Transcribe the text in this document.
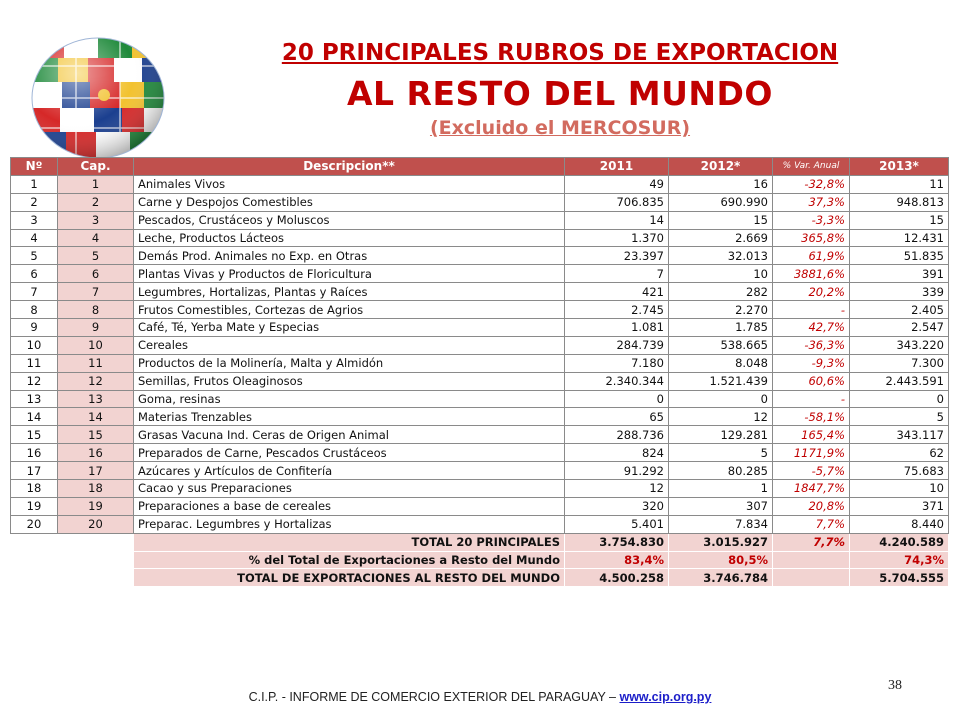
20 PRINCIPALES RUBROS DE EXPORTACION
AL RESTO DEL MUNDO
(Excluido el MERCOSUR)
Nº	Cap.	Descripcion**	2011	2012*	% Var. Anual	2013*
1	1	Animales Vivos	49	16	-32,8%	11
2	2	Carne y Despojos Comestibles	706.835	690.990	37,3%	948.813
3	3	Pescados, Crustáceos y Moluscos	14	15	-3,3%	15
4	4	Leche, Productos Lácteos	1.370	2.669	365,8%	12.431
5	5	Demás Prod. Animales no Exp. en Otras	23.397	32.013	61,9%	51.835
6	6	Plantas Vivas y Productos de Floricultura	7	10	3881,6%	391
7	7	Legumbres, Hortalizas, Plantas y Raíces	421	282	20,2%	339
8	8	Frutos Comestibles, Cortezas de Agrios	2.745	2.270	-	2.405
9	9	Café, Té, Yerba Mate y Especias	1.081	1.785	42,7%	2.547
10	10	Cereales	284.739	538.665	-36,3%	343.220
11	11	Productos de la Molinería, Malta y Almidón	7.180	8.048	-9,3%	7.300
12	12	Semillas, Frutos Oleaginosos	2.340.344	1.521.439	60,6%	2.443.591
13	13	Goma, resinas	0	0	-	0
14	14	Materias Trenzables	65	12	-58,1%	5
15	15	Grasas Vacuna Ind. Ceras de Origen Animal	288.736	129.281	165,4%	343.117
16	16	Preparados de Carne, Pescados Crustáceos	824	5	1171,9%	62
17	17	Azúcares y Artículos de Confitería	91.292	80.285	-5,7%	75.683
18	18	Cacao y sus Preparaciones	12	1	1847,7%	10
19	19	Preparaciones a base de cereales	320	307	20,8%	371
20	20	Preparac. Legumbres y Hortalizas	5.401	7.834	7,7%	8.440
		TOTAL 20 PRINCIPALES	3.754.830	3.015.927	7,7%	4.240.589
		% del Total de Exportaciones a Resto del Mundo	83,4%	80,5%		74,3%
		TOTAL DE EXPORTACIONES AL RESTO DEL MUNDO	4.500.258	3.746.784		5.704.555
38
C.I.P. - INFORME DE COMERCIO EXTERIOR DEL PARAGUAY – www.cip.org.py
